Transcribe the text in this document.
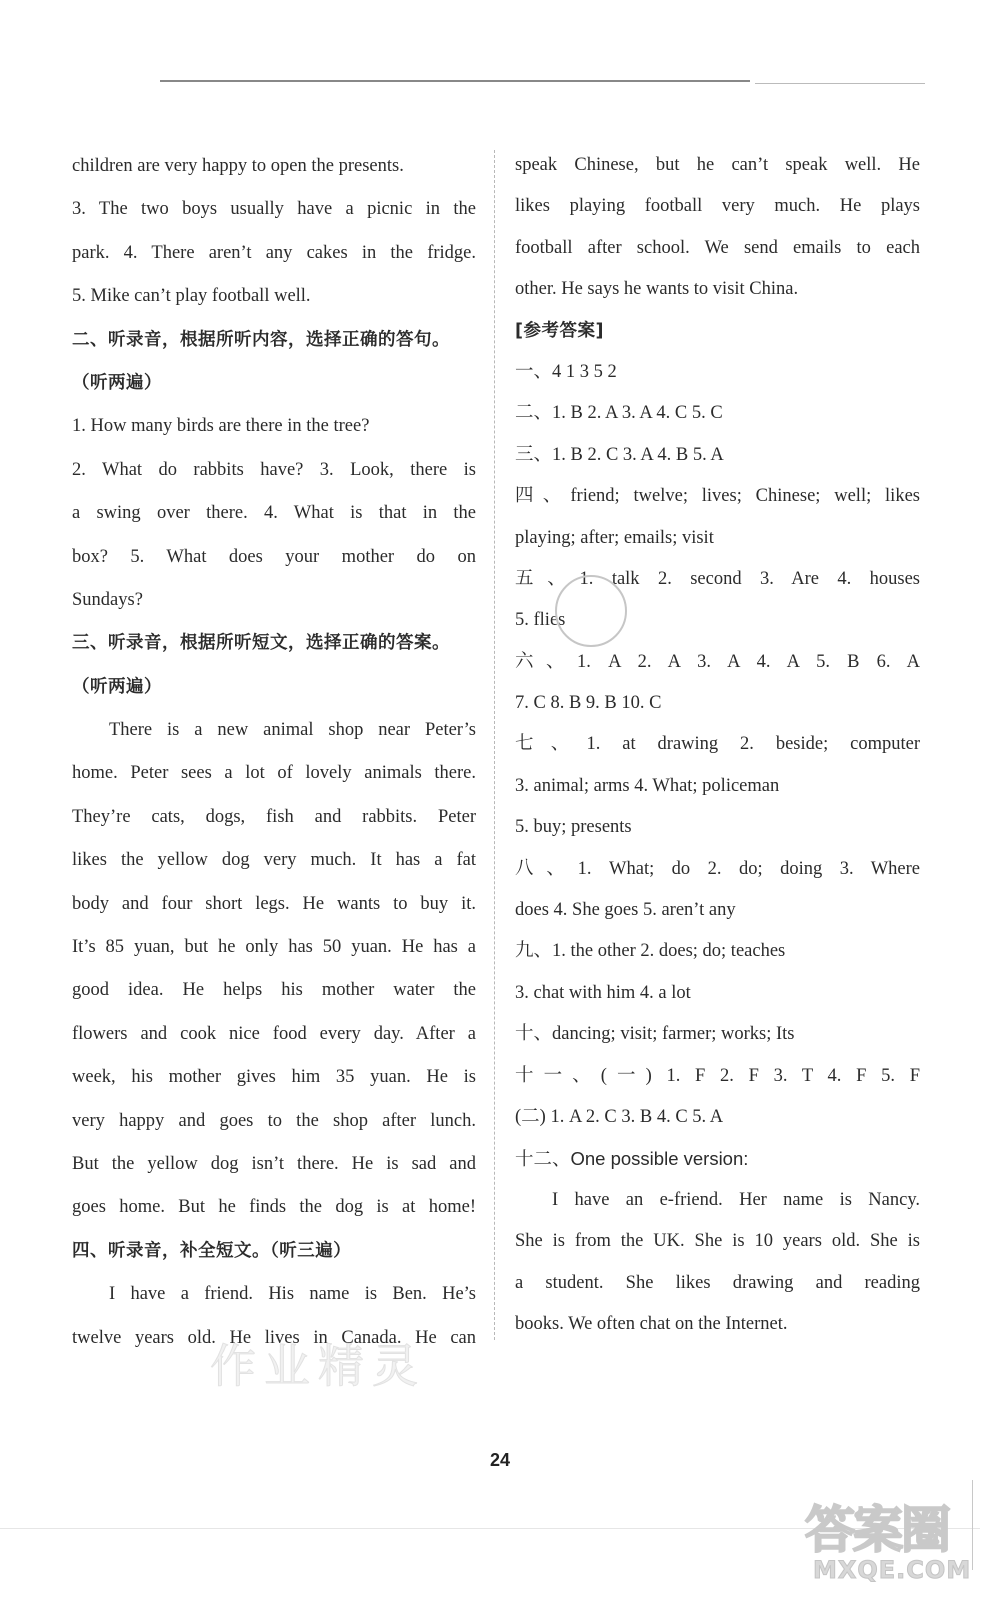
children are very happy to open the presents.
3. The two boys usually have a picnic in the
park. 4. There aren’t any cakes in the fridge.
5. Mike can’t play football well.
二、听录音，根据所听内容，选择正确的答句。
（听两遍）
1. How many birds are there in the tree?
2. What do rabbits have? 3. Look, there is
a swing over there. 4. What is that in the
box? 5. What does your mother do on
Sundays?
三、听录音，根据所听短文，选择正确的答案。
（听两遍）
There is a new animal shop near Peter’s
home. Peter sees a lot of lovely animals there.
They’re cats, dogs, fish and rabbits. Peter
likes the yellow dog very much. It has a fat
body and four short legs. He wants to buy it.
It’s 85 yuan, but he only has 50 yuan. He has a
good idea. He helps his mother water the
flowers and cook nice food every day. After a
week, his mother gives him 35 yuan. He is
very happy and goes to the shop after lunch.
But the yellow dog isn’t there. He is sad and
goes home. But he finds the dog is at home!
四、听录音，补全短文。（听三遍）
I have a friend. His name is Ben. He’s
twelve years old. He lives in Canada. He can
speak Chinese, but he can’t speak well. He
likes playing football very much. He plays
football after school. We send emails to each
other. He says he wants to visit China.
[参考答案]
一、4 1 3 5 2
二、1. B 2. A 3. A 4. C 5. C
三、1. B 2. C 3. A 4. B 5. A
四、friend; twelve; lives; Chinese; well; likes
playing; after; emails; visit
五、1. talk 2. second 3. Are 4. houses
5. flies
六、1. A 2. A 3. A 4. A 5. B 6. A
7. C 8. B 9. B 10. C
七、1. at drawing 2. beside; computer
3. animal; arms 4. What; policeman
5. buy; presents
八、1. What; do 2. do; doing 3. Where
does 4. She goes 5. aren’t any
九、1. the other 2. does; do; teaches
3. chat with him 4. a lot
十、dancing; visit; farmer; works; Its
十一、(一) 1. F 2. F 3. T 4. F 5. F
(二) 1. A 2. C 3. B 4. C 5. A
十二、One possible version:
I have an e-friend. Her name is Nancy.
She is from the UK. She is 10 years old. She is
a student. She likes drawing and reading
books. We often chat on the Internet.
作业精灵
24
答案圈
MXQE.COM
